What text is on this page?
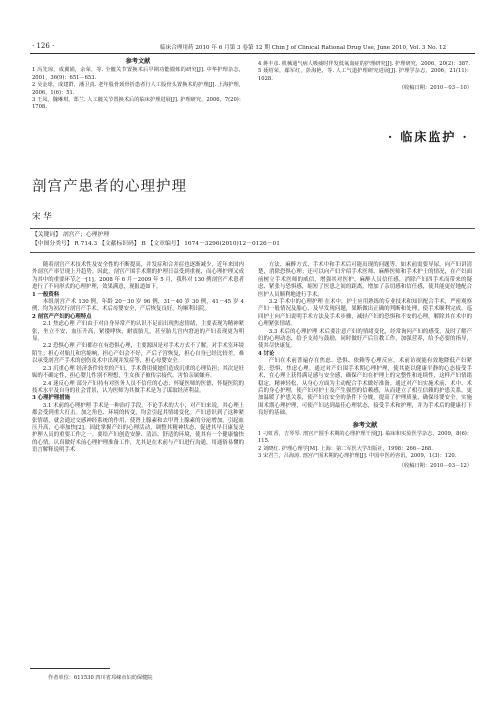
· 126 ·	临床合理用药 2010 年 6 月第 3 卷第 12 期 Chin J of Clinical Rational Drug Use, June 2010, Vol. 3 No. 12
参考文献

1 冯先琼，成翼娟，余荣，等. 全髋关节置换术后早期功能锻炼的研究[J]. 中华护理杂志，2001，36(9)：651－653.

2 吴金球，成建群，潘卫真. 老年股骨颈骨折患者行人工股骨头置换术的护理[J]. 上海护理，2006，1(6)：51.

3 王凤，魏琳琪，郑兰. 人工髋关节置换术后的临床护理进展[J]. 护理研究，2006，7(20)：1708.

4 蒋丰彦. 机械通气病人吸痰时伴发低氧血症的护理研究[J]. 护理研究，2006，20(2)：387.

5 聂绍荣，鄢军红，彭海艳，等. 人工气道护理研究进展[J]. 护理学杂志，2006，21(11)：1028.

（收稿日期：2010－03－10）
· 临床监护 ·
剖宫产患者的心理护理
宋 华
【关键词】 剖宫产；心理护理
【中图分类号】 R 714.3 【文献标识码】 B 【文章编号】 1674－3296(2010)12－0126－01

随着剖宫产术技术性及安全性的不断提高，并发症和合并症也逐渐减少，近年来国内外剖宫产率呈现上升趋势。因此，剖宫产围手术期的护理日益受到重视，而心理护理又成为其中的重要环节之一[1]。2008 年 6 月－2009 年 5 月，我科对 130 例剖宫产术患者进行了不同形式的心理护理，效果满意，现报道如下。

1 一般资料

本组剖宫产术 130 例，年龄 20－30 岁 96 例，31－40 岁 30 例，41－45 岁 4 例，均为初次行剖宫产手术。术后母婴安全，产后恢复良好，均顺利出院。

2 剖宫产产妇的心理特点

2.1 焦虑心理 产妇由于对自身异常产的认识不足而出现焦虑情绪，主要表现为精神紧张，坐立不安，血压升高，紧搂哮恢，耐震胎儿，甚至胎儿宫内窘迫的产妇表现更为明显。

2.2 恐惧心理 产妇都存在有恐惧心理，主要源因是对手术方式不了解，对手术室环境陌生；担心对胎儿和宫缩响，担心产妇会不好，产后子宫恢复，担心自身已经比较差，难以承受剖宫产手术的创伤及术中出现并发症等，担心母婴安全。

2.3 沉重心理 经济条件较差的产妇，手术费用使她们造成沉重的心理负担；其次是妊娠的不确定性，担心婴儿性别不理想，生女孩子被传宗接代，害怕亲属嫌弃。

2.4 迷反心理 部分产妇持有对医务人员不信任的心态，怀疑医师的医德，怀疑医院的技术水平及自身的社会背景，认为医师为其做手术是为了谋取经济利益。

3 心理护理措施

3.1 术前的心理护理 手术是一种治疗手段，不论手术的大小，对产妇来说，其心理上都会受到重大打击。加之角色、环境的转变，均会引起其情绪变化。产妇意识到了这种紧张情绪，就会通过交感神经系统的作用，使肾上腺素和去甲肾上腺素的分泌增加，引起血压升高，心率加快[2]。因此掌握产妇的心理活动，调整其精神状态，促进其早日康复是护理人员的重要工作之一。要给产妇创造安静、清洁、舒适的环境，使其有一个健康愉快的心情。认真做好术前心理护理准备工作，尤其是在术前与产妇进行沟通，用通俗易懂的语言解释说明手术

方法、麻醉方式、手术中和手术后可能出现的问题等。如术前需要导尿，向产妇讲清楚，消除恐惧心理；还可以向产妇介绍手术医师、麻醉医师和手术护士的情况，在产妇面前树立手术医师的威信，增强其对医护、麻醉人员信任感，消除产妇四手术而带来的疑虑、紧张与恐惧感，缩短了医患之间的距离，增加了亲切感和信任感，使其能更好地配合医护人员顺利地进行手术。

3.2 手术中的心理护理 在术中，护士应用熟练的专业技术和知识配合手术，严密观察产妇一般情况及胎心、及早发现问题，果断做出正确的判断和处理，使手术顺利完成。巡回护士向产妇说明手术方法及手术步骤，减轻产妇的恐惧和不安的心理，解除其在术中的心理紧张情绪。

3.3 术后的心理护理 术后要注意产妇的情绪变化，经常询问产妇的感受，及时了解产妇的心理动态，给予支持与鼓励，同时做好产后宣教工作，加强营养，给予必要的指导，使其尽快康复。

4 讨论

产妇在术前普遍存在焦虑、恐惧、依赖等心理反应，术前访视能有效地降低产妇紧张、恐惧、焦虑心理。通过对产妇围手术期心理护理，使其能以健康平静的心态接受手术，在心理上获得满足感与安全感，确保产妇在护理上的完整性和连续性，这样产妇情绪稳定，精神轻松，从身心方面为主动配合手术做好准备。通过对产妇实施术前、术中、术后的身心护理，使产妇对护士及产生强烈的信赖感，从而建立了相互信赖的护患关系，更加温暖了护患关系，使产妇在安全的条件下分娩，提高了护理质量，确保母婴安全。实施围术期心理护理，可使产妇达到最佳心理状态，接受手术和护理，并为手术后的健康打下良好的基础。

参考文献

1 刁虹香，吉琴琴. 剖宫产围手术期的心理护理干预[J]. 临床和实验医学杂志，2009，8(6)：115.

2 刘晓红. 护理心理学[M]. 上海：第二军医大学出版社，1998：266－268.

3 宋君兰，吕海涛. 剖宫产围术期的心理护理[J]. 中国中医药咨讯，2009，1(3)：120.

（收稿日期：2010－03－12）
作者单位：611530 四川省邛崃市妇幼保健院
